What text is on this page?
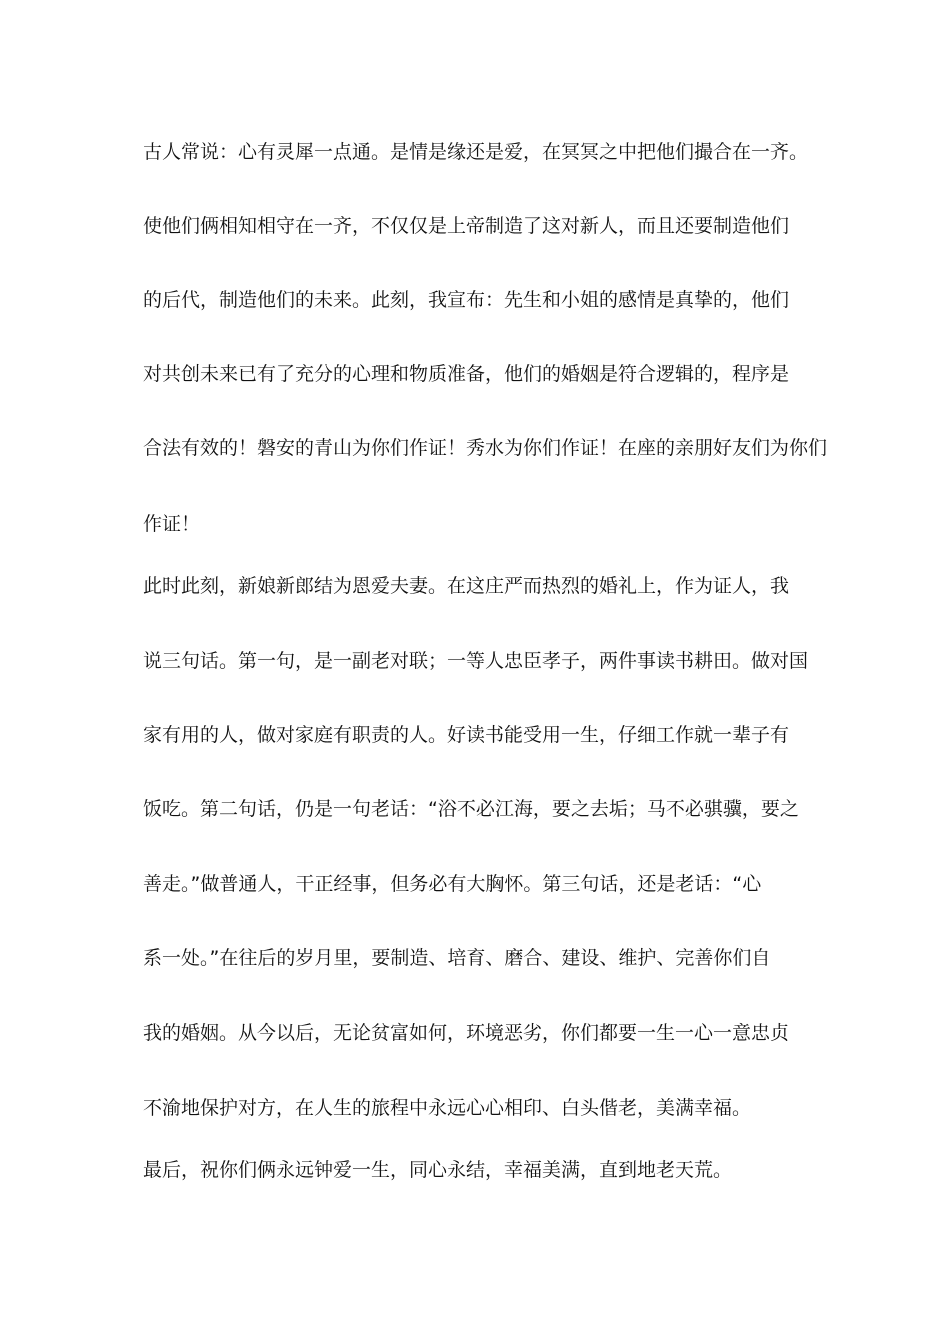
古人常说：心有灵犀一点通。是情是缘还是爱，在冥冥之中把他们撮合在一齐。
使他们俩相知相守在一齐，不仅仅是上帝制造了这对新人，而且还要制造他们
的后代，制造他们的未来。此刻，我宣布：先生和小姐的感情是真挚的，他们
对共创未来已有了充分的心理和物质准备，他们的婚姻是符合逻辑的，程序是
合法有效的！磐安的青山为你们作证！秀水为你们作证！在座的亲朋好友们为你们
作证！
此时此刻，新娘新郎结为恩爱夫妻。在这庄严而热烈的婚礼上，作为证人，我
说三句话。第一句，是一副老对联；一等人忠臣孝子，两件事读书耕田。做对国
家有用的人，做对家庭有职责的人。好读书能受用一生，仔细工作就一辈子有
饭吃。第二句话，仍是一句老话：“浴不必江海，要之去垢；马不必骐骥，要之
善走。”做普通人，干正经事，但务必有大胸怀。第三句话，还是老话：“心
系一处。”在往后的岁月里，要制造、培育、磨合、建设、维护、完善你们自
我的婚姻。从今以后，无论贫富如何，环境恶劣，你们都要一生一心一意忠贞
不渝地保护对方，在人生的旅程中永远心心相印、白头偕老，美满幸福。
最后，祝你们俩永远钟爱一生，同心永结，幸福美满，直到地老天荒。
